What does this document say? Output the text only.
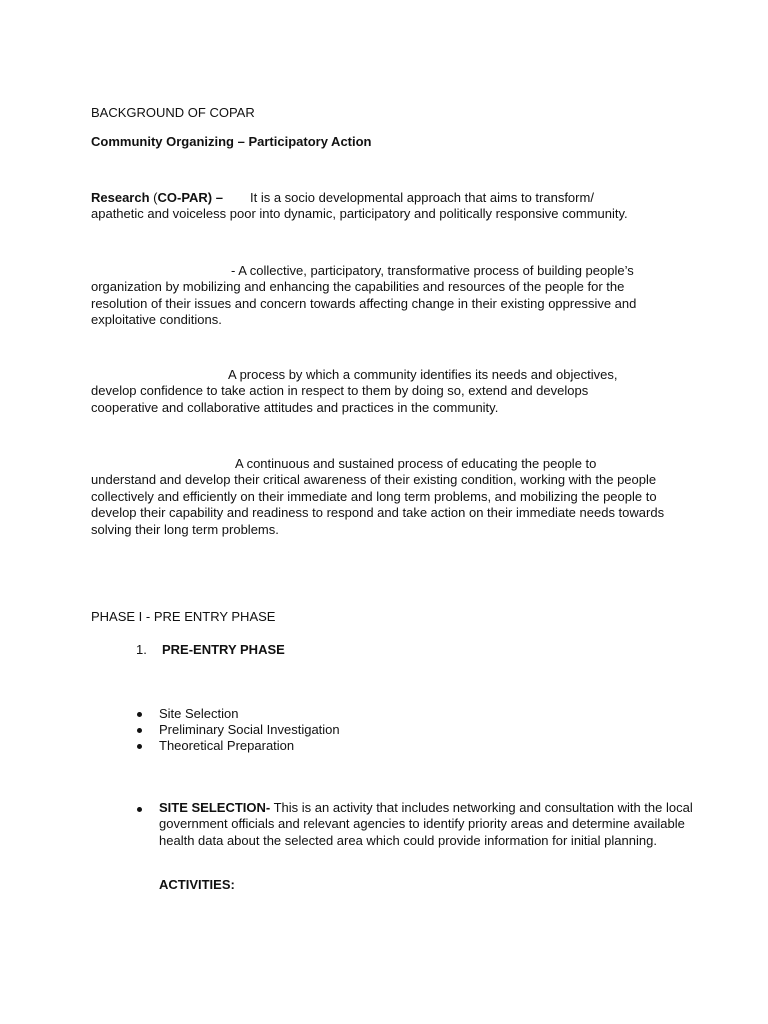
BACKGROUND OF COPAR

Community Organizing – Participatory Action

Research (CO-PAR) – It is a socio developmental approach that aims to transform/
apathetic and voiceless poor into dynamic, participatory and politically responsive community.

- A collective, participatory, transformative process of building people’s
organization by mobilizing and enhancing the capabilities and resources of the people for the resolution of their issues and concern towards affecting change in their existing oppressive and exploitative conditions.

A process by which a community identifies its needs and objectives,
develop confidence to take action in respect to them by doing so, extend and develops cooperative and collaborative attitudes and practices in the community.

A continuous and sustained process of educating the people to
understand and develop their critical awareness of their existing condition, working with the people collectively and efficiently on their immediate and long term problems, and mobilizing the people to develop their capability and readiness to respond and take action on their immediate needs towards solving their long term problems.

PHASE I - PRE ENTRY PHASE

1. PRE-ENTRY PHASE
Site Selection
Preliminary Social Investigation
Theoretical Preparation
SITE SELECTION- This is an activity that includes networking and consultation with the local government officials and relevant agencies to identify priority areas and determine available health data about the selected area which could provide information for initial planning.
ACTIVITIES:
